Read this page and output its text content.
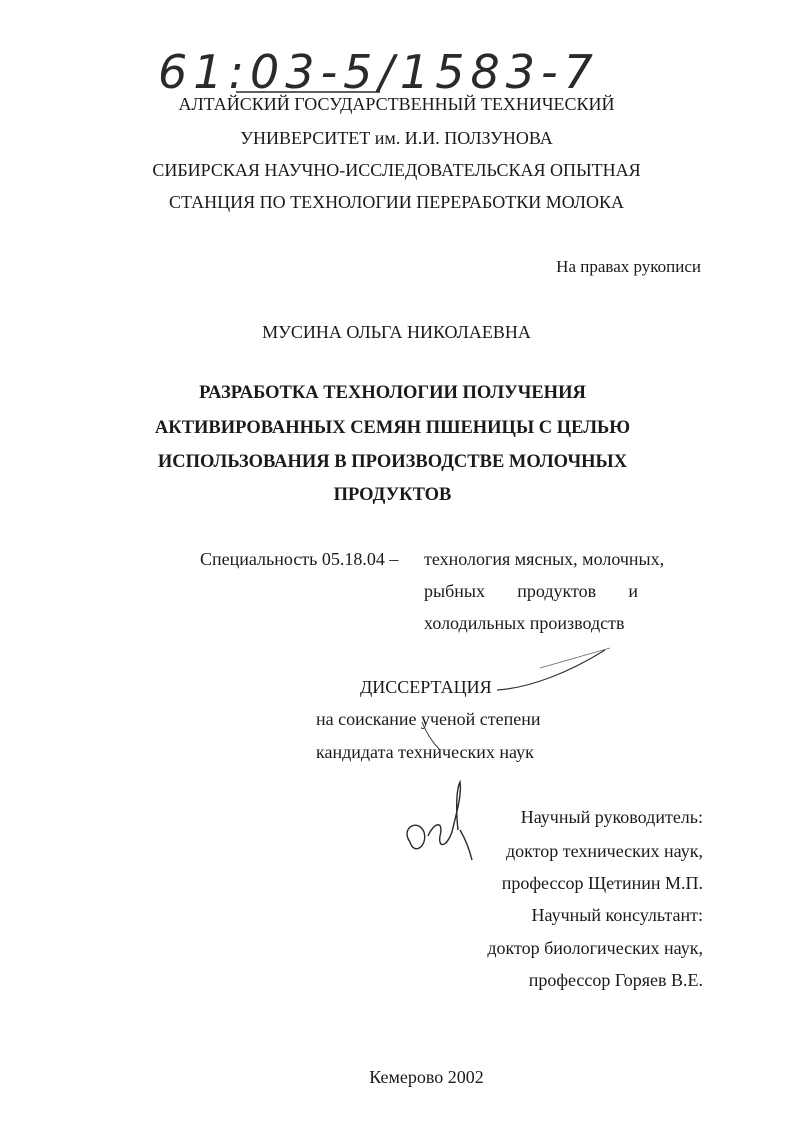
61:03-5/1583-7
АЛТАЙСКИЙ ГОСУДАРСТВЕННЫЙ ТЕХНИЧЕСКИЙ
УНИВЕРСИТЕТ им. И.И. ПОЛЗУНОВА
СИБИРСКАЯ НАУЧНО-ИССЛЕДОВАТЕЛЬСКАЯ ОПЫТНАЯ
СТАНЦИЯ ПО ТЕХНОЛОГИИ ПЕРЕРАБОТКИ МОЛОКА
На правах рукописи
МУСИНА ОЛЬГА НИКОЛАЕВНА
РАЗРАБОТКА ТЕХНОЛОГИИ ПОЛУЧЕНИЯ
АКТИВИРОВАННЫХ СЕМЯН ПШЕНИЦЫ С ЦЕЛЬЮ
ИСПОЛЬЗОВАНИЯ В ПРОИЗВОДСТВЕ МОЛОЧНЫХ
ПРОДУКТОВ
Специальность 05.18.04 – технология мясных, молочных,
рыбных продуктов и
холодильных производств
ДИССЕРТАЦИЯ
на соискание ученой степени
кандидата технических наук
Научный руководитель:
доктор технических наук,
профессор Щетинин М.П.
Научный консультант:
доктор биологических наук,
профессор Горяев В.Е.
Кемерово 2002
